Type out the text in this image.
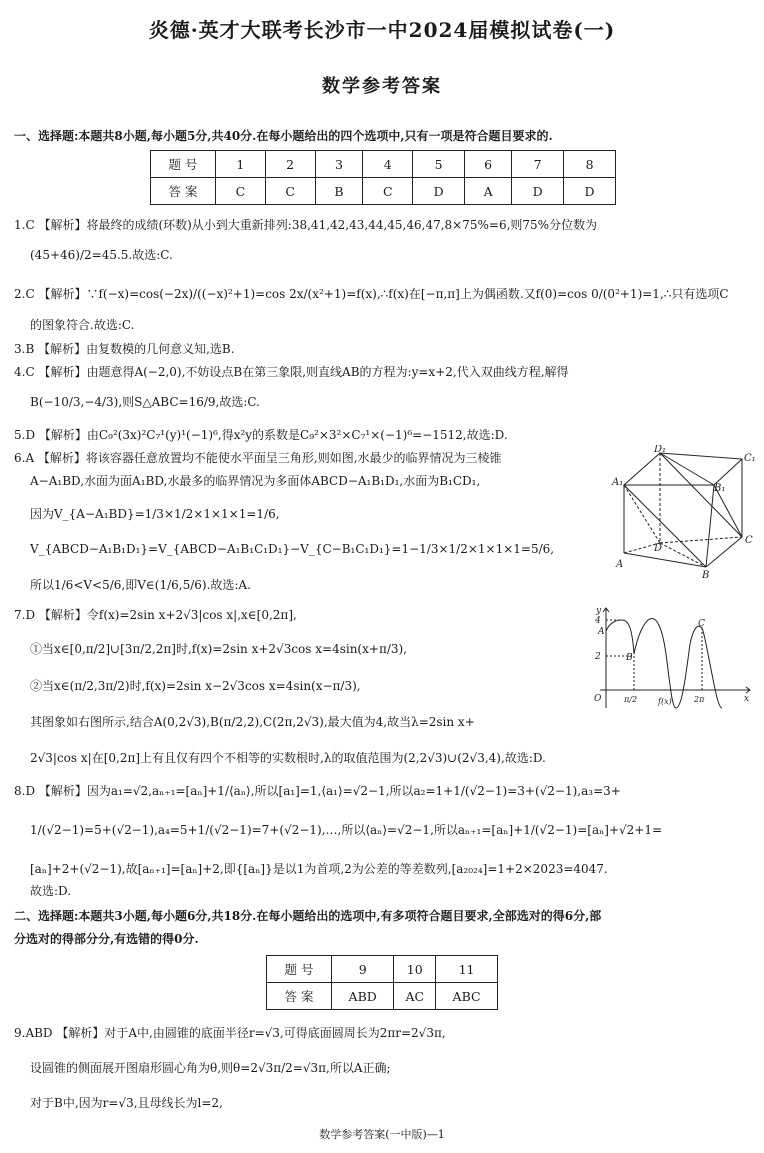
炎德·英才大联考长沙市一中2024届模拟试卷(一)
数学参考答案
一、选择题:本题共8小题,每小题5分,共40分.在每小题给出的四个选项中,只有一项是符合题目要求的.
题 号	1	2	3	4	5	6	7	8
答 案	C	C	B	C	D	A	D	D
1.C 【解析】将最终的成绩(环数)从小到大重新排列:38,41,42,43,44,45,46,47,8×75%=6,则75%分位数为
(45+46)/2=45.5.故选:C.
2.C 【解析】∵f(−x)=cos(−2x)/((−x)²+1)=cos 2x/(x²+1)=f(x),∴f(x)在[−π,π]上为偶函数.又f(0)=cos 0/(0²+1)=1,∴只有选项C
的图象符合.故选:C.
3.B 【解析】由复数模的几何意义知,选B.
4.C 【解析】由题意得A(−2,0),不妨设点B在第三象限,则直线AB的方程为:y=x+2,代入双曲线方程,解得
B(−10/3,−4/3),则S△ABC=16/9,故选:C.
5.D 【解析】由C₉²(3x)²C₇¹(y)¹(−1)⁶,得x²y的系数是C₉²×3²×C₇¹×(−1)⁶=−1512,故选:D.
6.A 【解析】将该容器任意放置均不能使水平面呈三角形,则如图,水最少的临界情况为三棱锥
A−A₁BD,水面为面A₁BD,水最多的临界情况为多面体ABCD−A₁B₁D₁,水面为B₁CD₁,
因为V_{A−A₁BD}=1/3×1/2×1×1×1=1/6,
V_{ABCD−A₁B₁D₁}=V_{ABCD−A₁B₁C₁D₁}−V_{C−B₁C₁D₁}=1−1/3×1/2×1×1×1=5/6,
所以1/6<V<5/6,即V∈(1/6,5/6).故选:A.
D₁
C₁
A₁
B₁
D
C
A
B
7.D 【解析】令f(x)=2sin x+2√3|cos x|,x∈[0,2π],
①当x∈[0,π/2]∪[3π/2,2π]时,f(x)=2sin x+2√3cos x=4sin(x+π/3),
②当x∈(π/2,3π/2)时,f(x)=2sin x−2√3cos x=4sin(x−π/3),
其图象如右图所示,结合A(0,2√3),B(π/2,2),C(2π,2√3),最大值为4,故当λ=2sin x+
2√3|cos x|在[0,2π]上有且仅有四个不相等的实数根时,λ的取值范围为(2,2√3)∪(2√3,4),故选:D.
y
x
4
A
2	B
C
O	π/2	2π
f(x)
8.D 【解析】因为a₁=√2,aₙ₊₁=[aₙ]+1/⟨aₙ⟩,所以[a₁]=1,⟨a₁⟩=√2−1,所以a₂=1+1/(√2−1)=3+(√2−1),a₃=3+
1/(√2−1)=5+(√2−1),a₄=5+1/(√2−1)=7+(√2−1),…,所以⟨aₙ⟩=√2−1,所以aₙ₊₁=[aₙ]+1/(√2−1)=[aₙ]+√2+1=
[aₙ]+2+(√2−1),故[aₙ₊₁]=[aₙ]+2,即{[aₙ]}是以1为首项,2为公差的等差数列,[a₂₀₂₄]=1+2×2023=4047.
故选:D.
二、选择题:本题共3小题,每小题6分,共18分.在每小题给出的选项中,有多项符合题目要求,全部选对的得6分,部
分选对的得部分分,有选错的得0分.
题 号	9	10	11
答 案	ABD	AC	ABC
9.ABD 【解析】对于A中,由圆锥的底面半径r=√3,可得底面圆周长为2πr=2√3π,
设圆锥的侧面展开图扇形圆心角为θ,则θ=2√3π/2=√3π,所以A正确;
对于B中,因为r=√3,且母线长为l=2,
数学参考答案(一中版)—1
